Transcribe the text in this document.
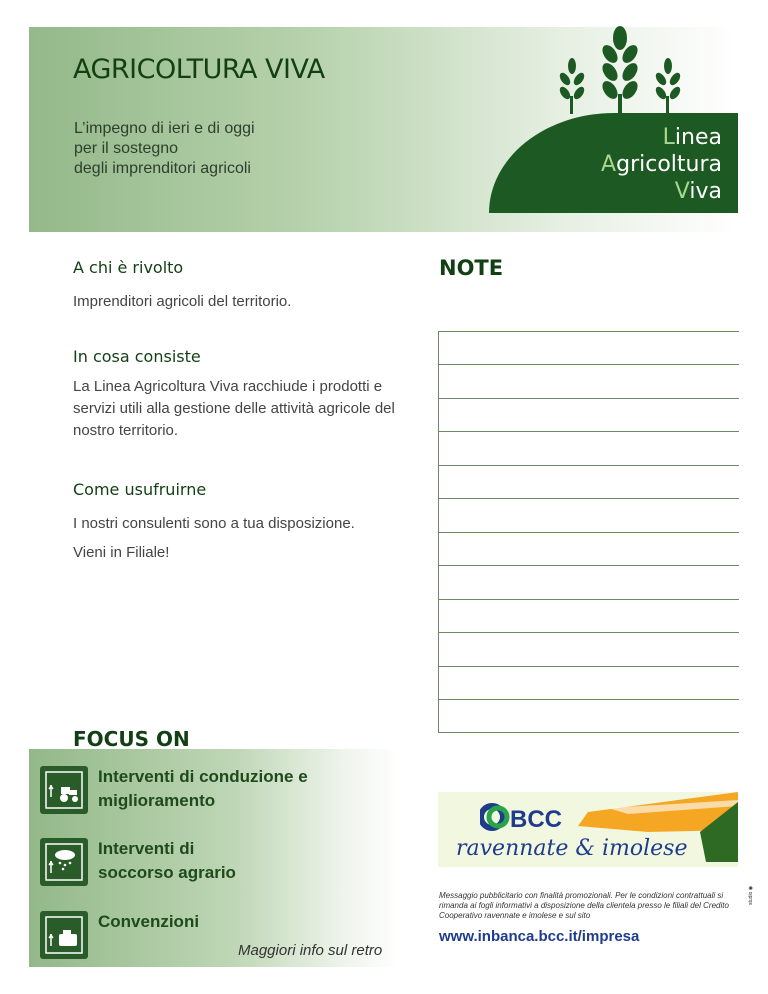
AGRICOLTURA VIVA
L’impegno di ieri e di oggi
per il sostegno
degli imprenditori agricoli
Linea
Agricoltura
Viva
A chi è rivolto
Imprenditori agricoli del territorio.
In cosa consiste
La Linea Agricoltura Viva racchiude i prodotti e servizi utili alla gestione delle attività agricole del nostro territorio.
Come usufruirne
I nostri consulenti sono a tua disposizione.
Vieni in Filiale!
NOTE
FOCUS ON
Interventi di conduzione e
miglioramento
Interventi di
soccorso agrario
Convenzioni
Maggiori info sul retro
BCC
ravennate & imolese
Messaggio pubblicitario con finalità promozionali. Per le condizioni contrattuali si rimanda ai fogli informativi a disposizione della clientela presso le filiali del Credito Cooperativo ravennate e imolese e sul sito
www.inbanca.bcc.it/impresa
studio ◉
